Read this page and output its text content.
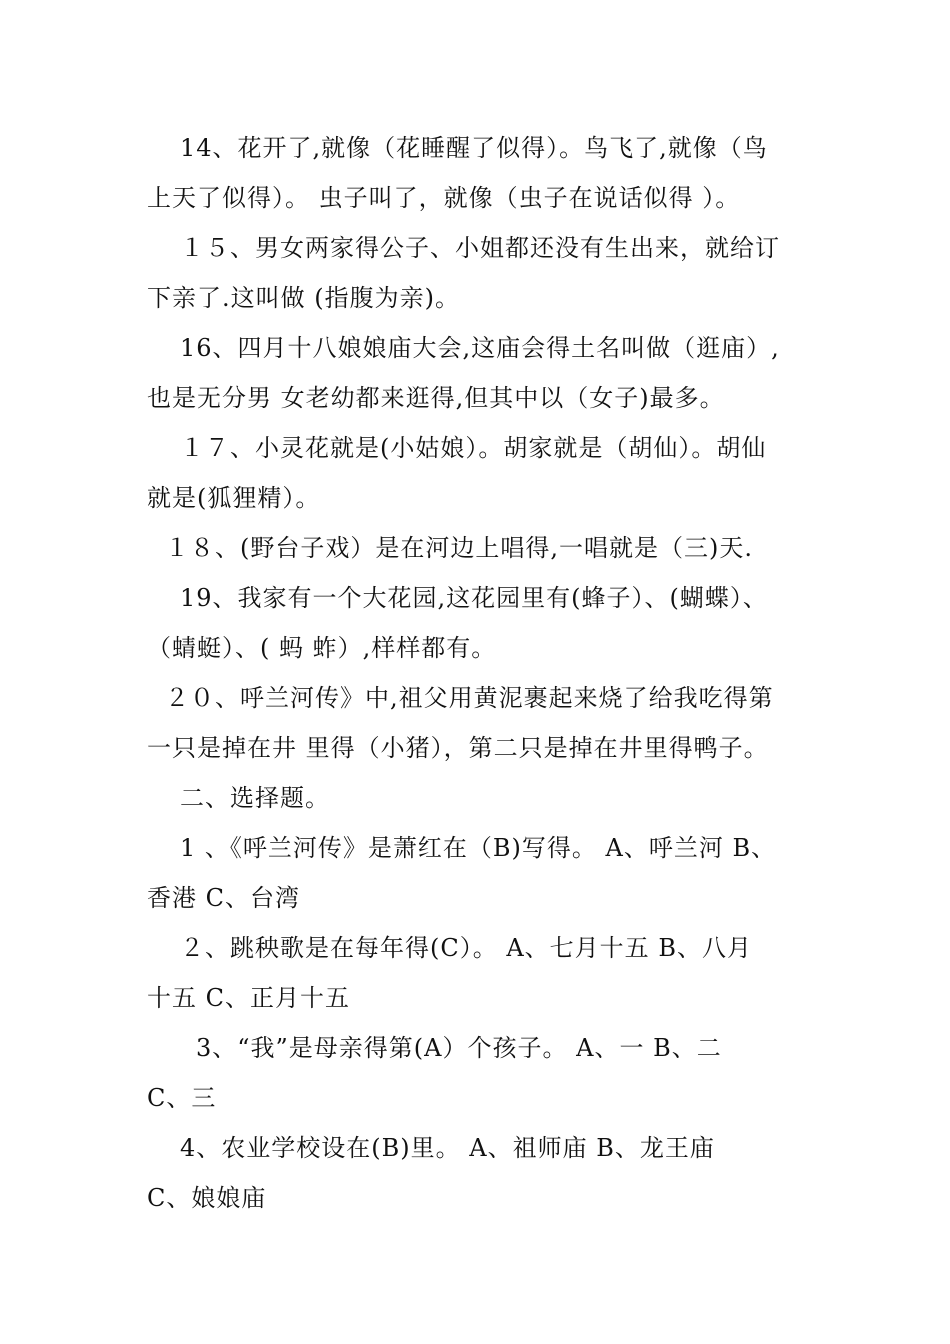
14、花开了,就像（花睡醒了似得）。鸟飞了,就像（鸟
上天了似得）。 虫子叫了，就像（虫子在说话似得 ）。
１５、男女两家得公子、小姐都还没有生出来，就给订
下亲了.这叫做 (指腹为亲)。
16、四月十八娘娘庙大会,这庙会得土名叫做（逛庙）,
也是无分男 女老幼都来逛得,但其中以（女子)最多。
１７、小灵花就是(小姑娘）。胡家就是（胡仙）。胡仙
就是(狐狸精）。
１８、(野台子戏）是在河边上唱得,一唱就是（三)天.
19、我家有一个大花园,这花园里有(蜂子）、(蝴蝶）、
（蜻蜓）、( 蚂 蚱）,样样都有。
２０、呼兰河传》中,祖父用黄泥裹起来烧了给我吃得第
一只是掉在井 里得（小猪），第二只是掉在井里得鸭子。
二、选择题。
1 、《呼兰河传》是萧红在（B)写得。 A、呼兰河 B、
香港 C、台湾
２、跳秧歌是在每年得(C）。 A、七月十五 B、八月
十五 C、正月十五
3、“我”是母亲得第(A）个孩子。 A、一 B、二
C、三
4、农业学校设在(B)里。 A、祖师庙 B、龙王庙
C、娘娘庙
